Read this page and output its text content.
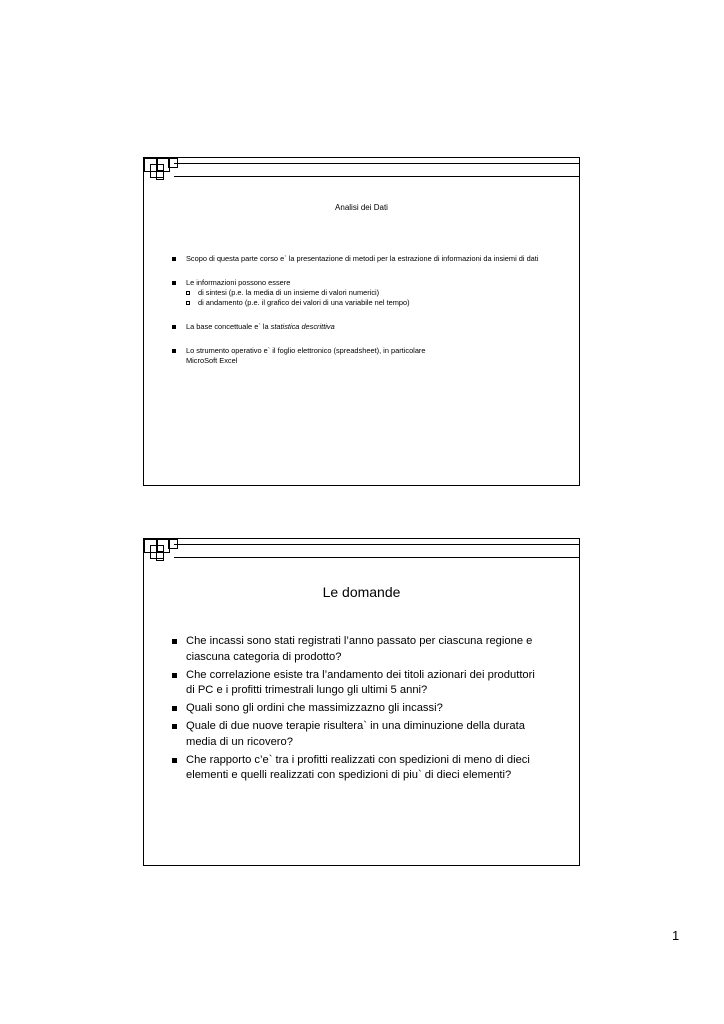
Analisi dei Dati
Scopo di questa parte corso e` la presentazione di metodi per la estrazione di informazioni da insiemi di dati
Le informazioni possono essere
di sintesi (p.e. la media di un insieme di valori numerici)
di andamento (p.e. il grafico dei valori di una variabile nel tempo)
La base concettuale e` la statistica descrittiva
Lo strumento operativo e` il foglio elettronico (spreadsheet), in particolare MicroSoft Excel
Le domande
Che incassi sono stati registrati l’anno passato per ciascuna regione e ciascuna categoria di prodotto?
Che correlazione esiste tra l’andamento dei titoli azionari dei produttori di PC e i profitti trimestrali lungo gli ultimi 5 anni?
Quali sono gli ordini che massimizzazno gli incassi?
Quale di due nuove terapie risultera` in una diminuzione della durata media di un ricovero?
Che rapporto c’e` tra i profitti realizzati con spedizioni di meno di dieci elementi e quelli realizzati con spedizioni di piu` di dieci elementi?
1
